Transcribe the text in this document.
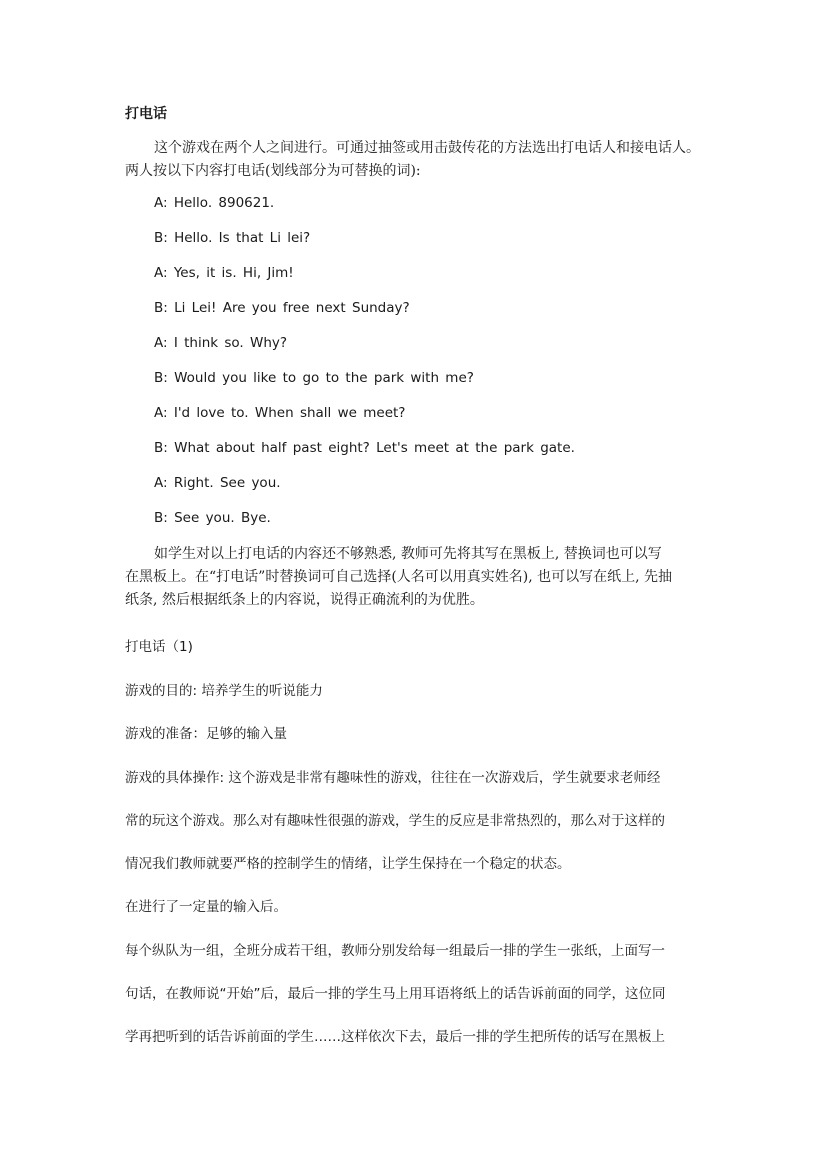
打电话
这个游戏在两个人之间进行。可通过抽签或用击鼓传花的方法选出打电话人和接电话人。
两人按以下内容打电话(划线部分为可替换的词):
A: Hello. 890621.
B: Hello. Is that Li lei?
A: Yes, it is. Hi, Jim!
B: Li Lei! Are you free next Sunday?
A: I think so. Why?
B: Would you like to go to the park with me?
A: I'd love to. When shall we meet?
B: What about half past eight? Let's meet at the park gate.
A: Right. See you.
B: See you. Bye.
如学生对以上打电话的内容还不够熟悉, 教师可先将其写在黑板上, 替换词也可以写
在黑板上。在“打电话”时替换词可自己选择(人名可以用真实姓名), 也可以写在纸上, 先抽
纸条, 然后根据纸条上的内容说，说得正确流利的为优胜。
打电话（1)
游戏的目的: 培养学生的听说能力
游戏的准备：足够的输入量
游戏的具体操作: 这个游戏是非常有趣味性的游戏，往往在一次游戏后，学生就要求老师经
常的玩这个游戏。那么对有趣味性很强的游戏，学生的反应是非常热烈的，那么对于这样的
情况我们教师就要严格的控制学生的情绪，让学生保持在一个稳定的状态。
在进行了一定量的输入后。
每个纵队为一组，全班分成若干组，教师分别发给每一组最后一排的学生一张纸，上面写一
句话，在教师说“开始”后，最后一排的学生马上用耳语将纸上的话告诉前面的同学，这位同
学再把听到的话告诉前面的学生……这样依次下去，最后一排的学生把所传的话写在黑板上
